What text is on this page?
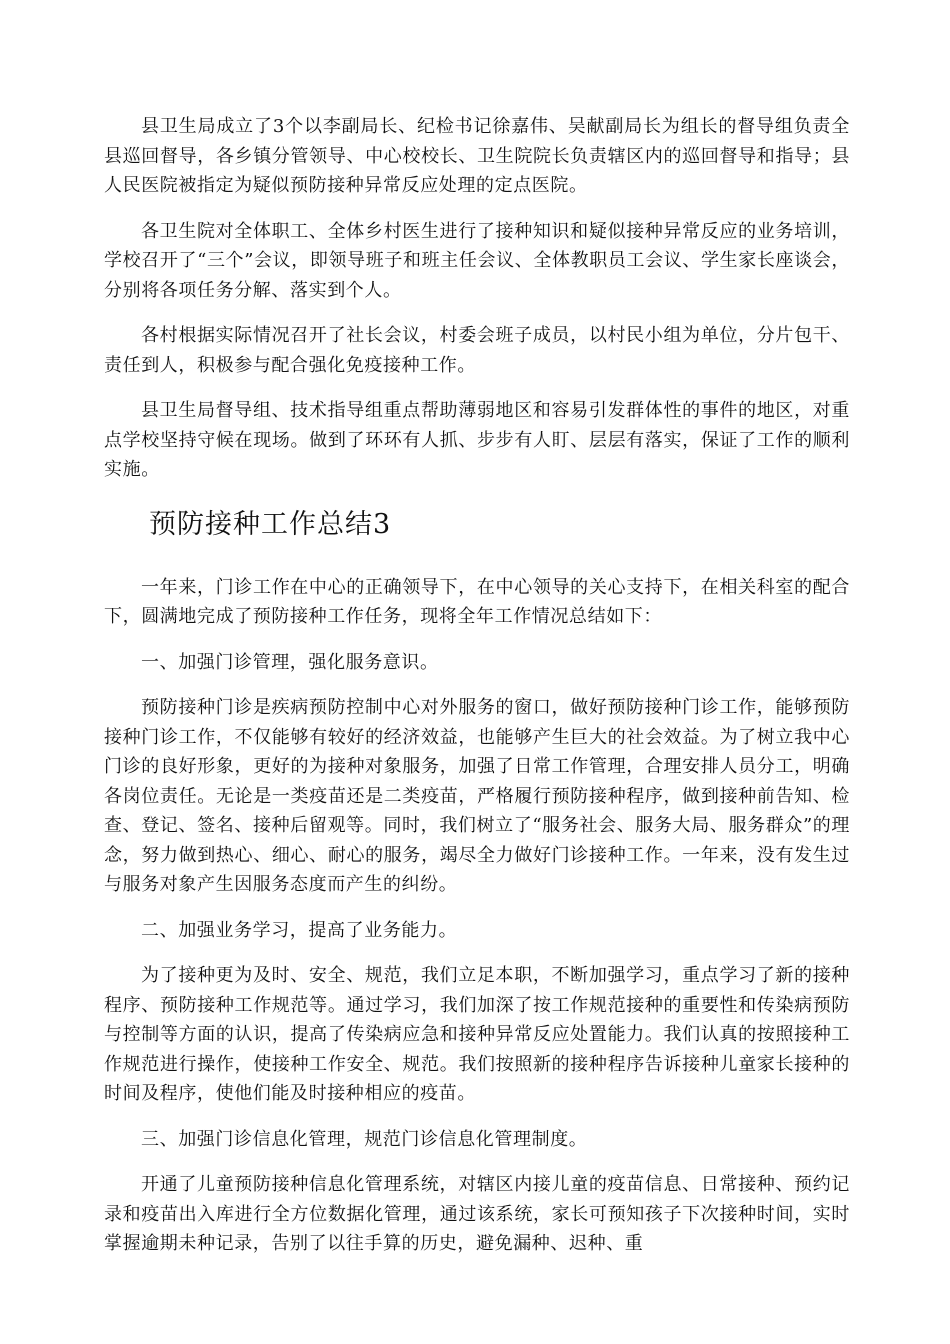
县卫生局成立了3个以李副局长、纪检书记徐嘉伟、吴献副局长为组长的督导组负责全县巡回督导，各乡镇分管领导、中心校校长、卫生院院长负责辖区内的巡回督导和指导；县人民医院被指定为疑似预防接种异常反应处理的定点医院。

各卫生院对全体职工、全体乡村医生进行了接种知识和疑似接种异常反应的业务培训，学校召开了“三个”会议，即领导班子和班主任会议、全体教职员工会议、学生家长座谈会，分别将各项任务分解、落实到个人。

各村根据实际情况召开了社长会议，村委会班子成员，以村民小组为单位，分片包干、责任到人，积极参与配合强化免疫接种工作。

县卫生局督导组、技术指导组重点帮助薄弱地区和容易引发群体性的事件的地区，对重点学校坚持守候在现场。做到了环环有人抓、步步有人盯、层层有落实，保证了工作的顺利实施。

预防接种工作总结3

一年来，门诊工作在中心的正确领导下，在中心领导的关心支持下，在相关科室的配合下，圆满地完成了预防接种工作任务，现将全年工作情况总结如下：

一、加强门诊管理，强化服务意识。

预防接种门诊是疾病预防控制中心对外服务的窗口，做好预防接种门诊工作，能够预防接种门诊工作，不仅能够有较好的经济效益，也能够产生巨大的社会效益。为了树立我中心门诊的良好形象，更好的为接种对象服务，加强了日常工作管理，合理安排人员分工，明确各岗位责任。无论是一类疫苗还是二类疫苗，严格履行预防接种程序，做到接种前告知、检查、登记、签名、接种后留观等。同时，我们树立了“服务社会、服务大局、服务群众”的理念，努力做到热心、细心、耐心的服务，竭尽全力做好门诊接种工作。一年来，没有发生过与服务对象产生因服务态度而产生的纠纷。

二、加强业务学习，提高了业务能力。

为了接种更为及时、安全、规范，我们立足本职，不断加强学习，重点学习了新的接种程序、预防接种工作规范等。通过学习，我们加深了按工作规范接种的重要性和传染病预防与控制等方面的认识，提高了传染病应急和接种异常反应处置能力。我们认真的按照接种工作规范进行操作，使接种工作安全、规范。我们按照新的接种程序告诉接种儿童家长接种的时间及程序，使他们能及时接种相应的疫苗。

三、加强门诊信息化管理，规范门诊信息化管理制度。

开通了儿童预防接种信息化管理系统，对辖区内接儿童的疫苗信息、日常接种、预约记录和疫苗出入库进行全方位数据化管理，通过该系统，家长可预知孩子下次接种时间，实时掌握逾期未种记录，告别了以往手算的历史，避免漏种、迟种、重
